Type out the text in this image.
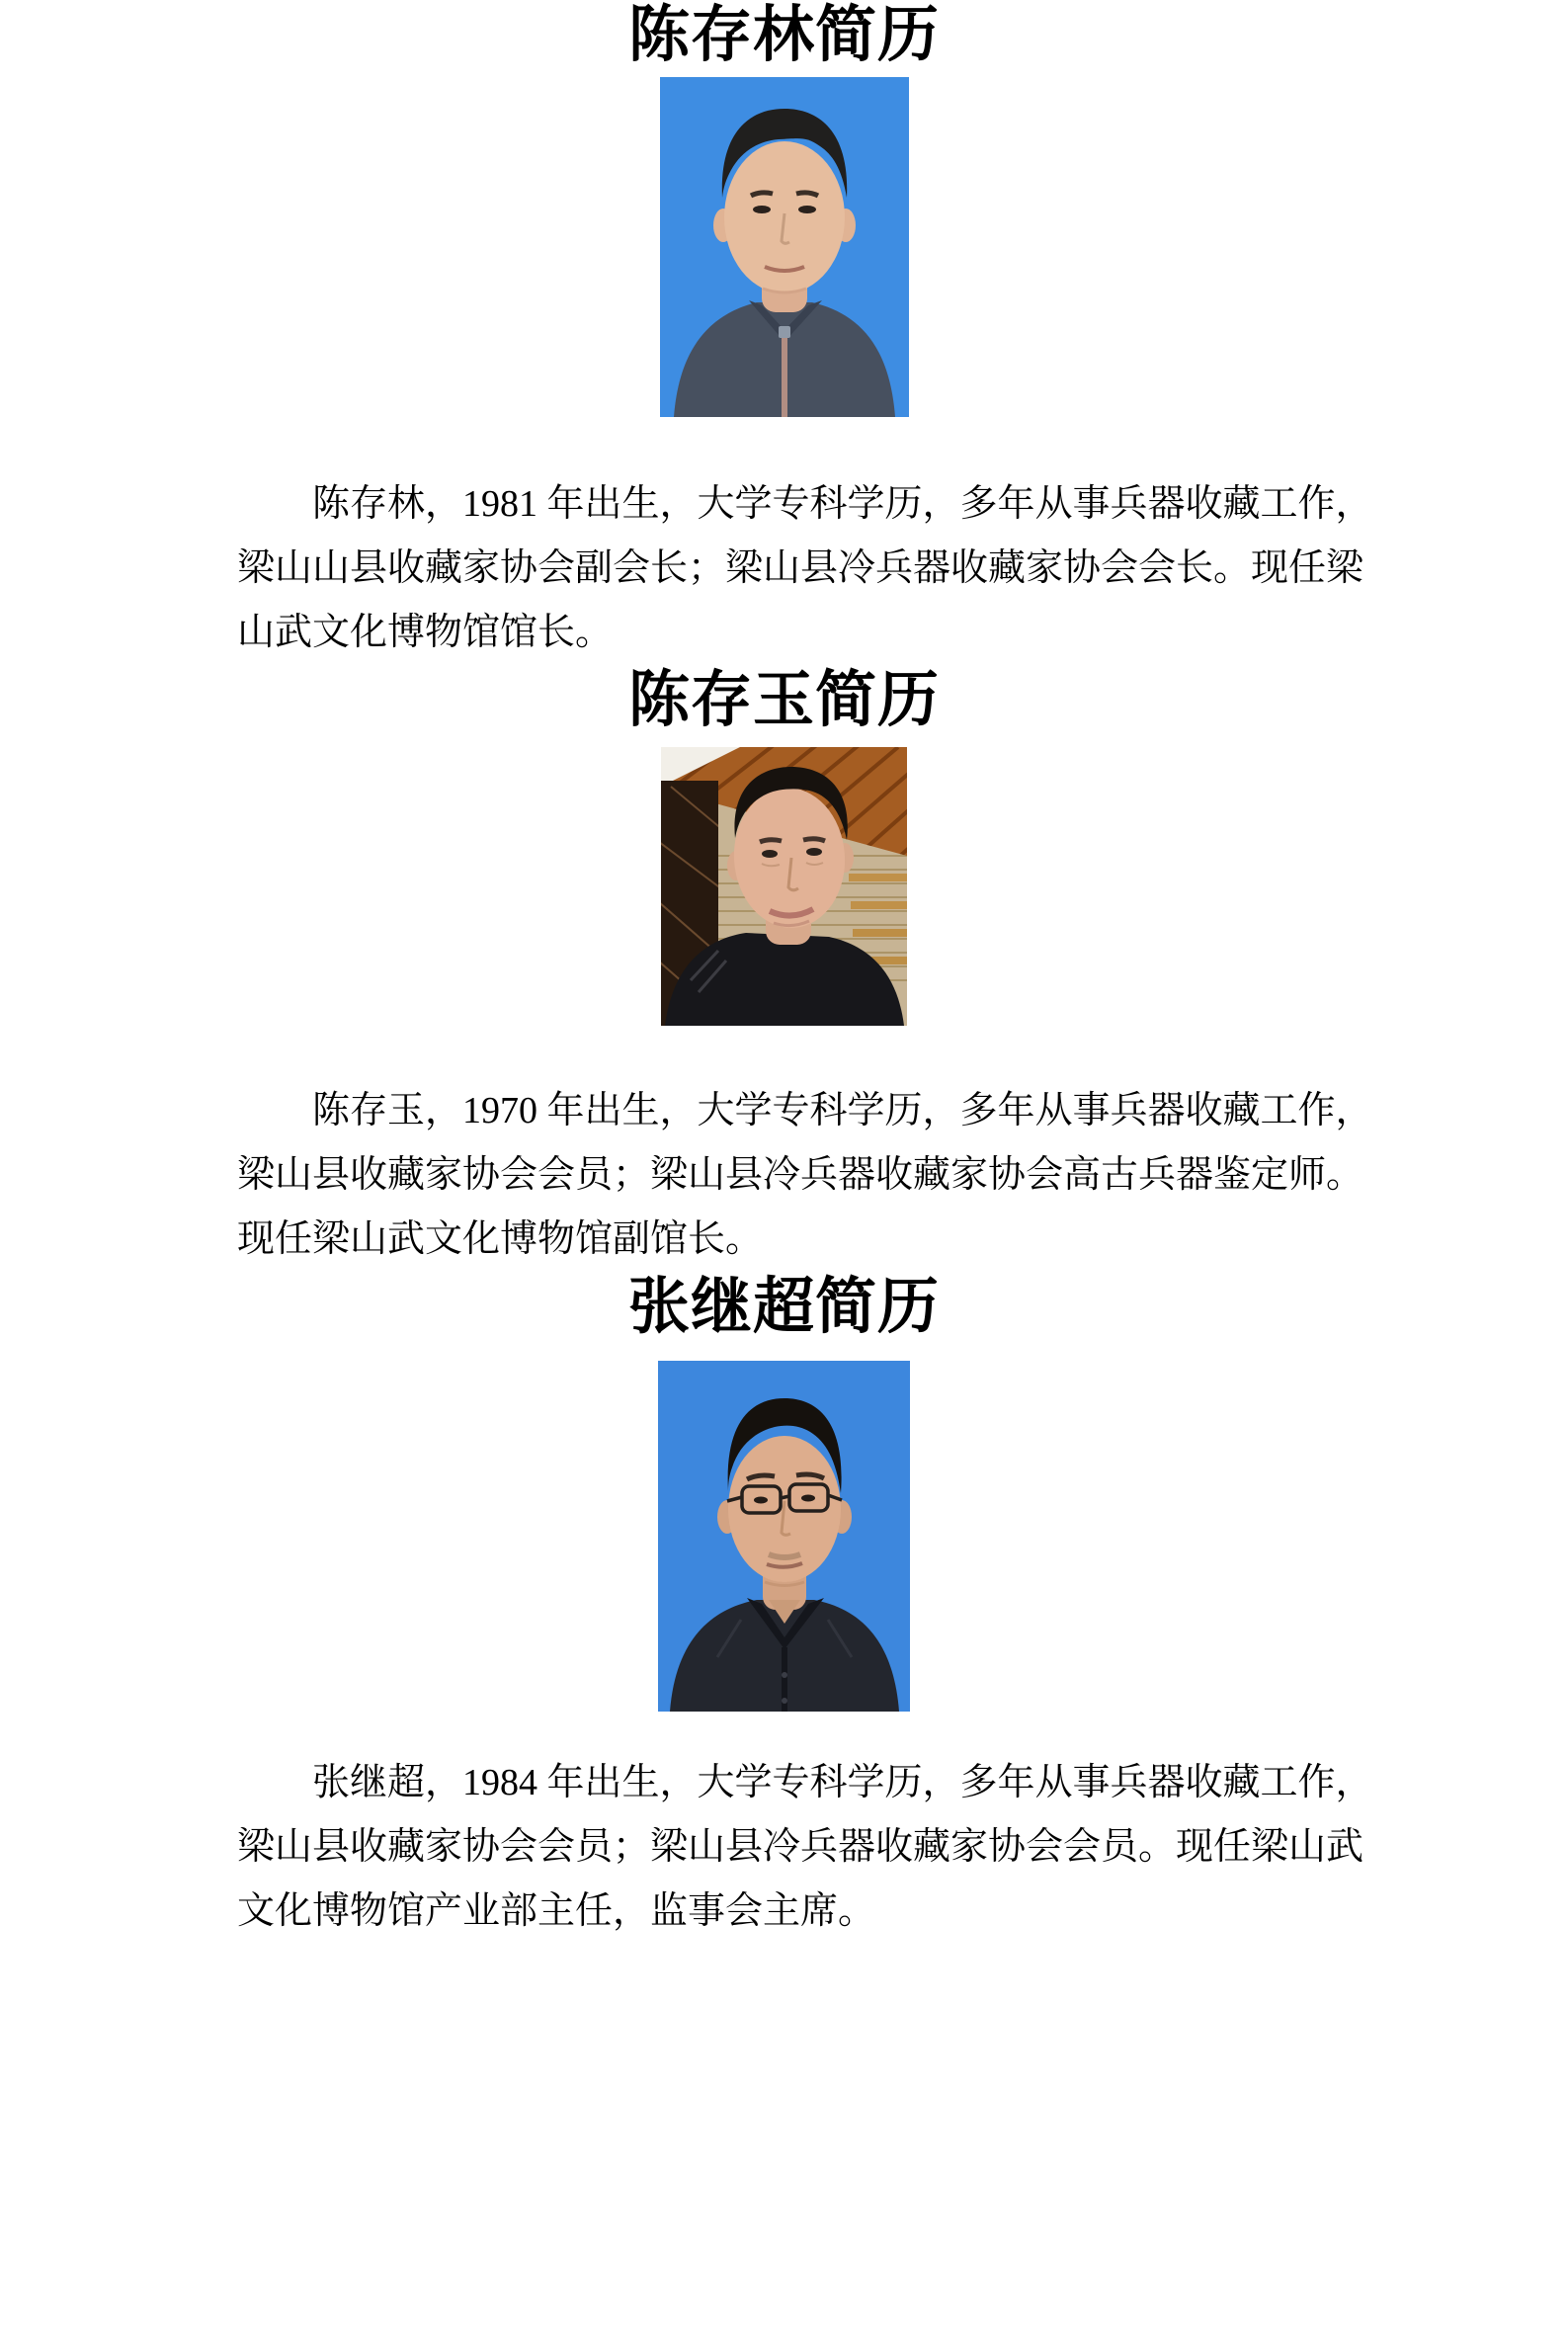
陈存林简历
陈存林，1981 年出生，大学专科学历，多年从事兵器收藏工作，
梁山山县收藏家协会副会长；梁山县冷兵器收藏家协会会长。现任梁
山武文化博物馆馆长。
陈存玉简历
陈存玉，1970 年出生，大学专科学历，多年从事兵器收藏工作，
梁山县收藏家协会会员；梁山县冷兵器收藏家协会高古兵器鉴定师。
现任梁山武文化博物馆副馆长。
张继超简历
张继超，1984 年出生，大学专科学历，多年从事兵器收藏工作，
梁山县收藏家协会会员；梁山县冷兵器收藏家协会会员。现任梁山武
文化博物馆产业部主任，监事会主席。
